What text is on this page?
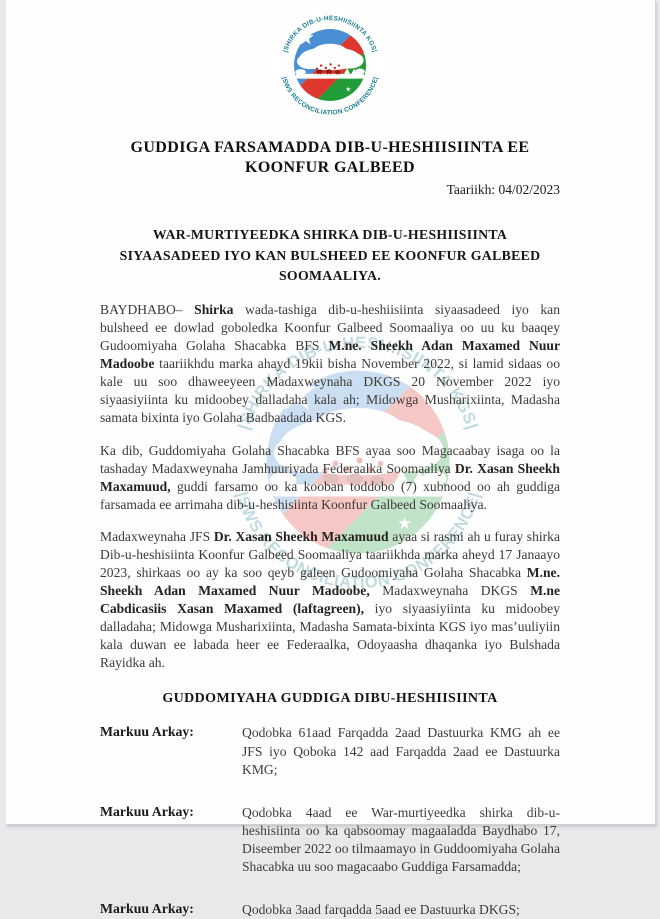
GUDDIGA FARSAMADDA DIB-U-HESHIISIINTA EE
KOONFUR GALBEED
Taariikh: 04/02/2023
WAR-MURTIYEEDKA SHIRKA DIB-U-HESHIISIINTA SIYAASADEED IYO KAN BULSHEED EE KOONFUR GALBEED SOOMAALIYA.

BAYDHABO– Shirka wada-tashiga dib-u-heshiisiinta siyaasadeed iyo kan bulsheed ee dowlad goboledka Koonfur Galbeed Soomaaliya oo uu ku baaqey Gudoomiyaha Golaha Shacabka BFS M.ne. Sheekh Adan Maxamed Nuur Madoobe taariikhdu marka ahayd 19kii bisha November 2022, si lamid sidaas oo kale uu soo dhaweeyeen Madaxweynaha DKGS 20 November 2022 iyo siyaasiyiinta ku midoobey dalladaha kala ah; Midowga Musharixiinta, Madasha samata bixinta iyo Golaha Badbaadada KGS.

Ka dib, Guddomiyaha Golaha Shacabka BFS ayaa soo Magacaabay isaga oo la tashaday Madaxweynaha Jamhuuriyada Federaalka Soomaaliya Dr. Xasan Sheekh Maxamuud, guddi farsamo oo ka kooban toddobo (7) xubnood oo ah guddiga farsamada ee arrimaha dib-u-heshisiinta Koonfur Galbeed Soomaaliya.

Madaxweynaha JFS Dr. Xasan Sheekh Maxamuud ayaa si rasmi ah u furay shirka Dib-u-heshisiinta Koonfur Galbeed Soomaaliya taariikhda marka aheyd 17 Janaayo 2023, shirkaas oo ay ka soo qeyb galeen Gudoomiyaha Golaha Shacabka M.ne. Sheekh Adan Maxamed Nuur Madoobe, Madaxweynaha DKGS M.ne Cabdicasiis Xasan Maxamed (laftagreen), iyo siyaasiyiinta ku midoobey dalladaha; Midowga Musharixiinta, Madasha Samata-bixinta KGS iyo mas’uuliyiin kala duwan ee labada heer ee Federaalka, Odoyaasha dhaqanka iyo Bulshada Rayidka ah.

GUDDOMIYAHA GUDDIGA DIBU-HESHIISIINTA
Markuu Arkay:	Qodobka 61aad Farqadda 2aad Dastuurka KMG ah ee JFS iyo Qoboka 142 aad Farqadda 2aad ee Dastuurka KMG;
Markuu Arkay:	Qodobka 4aad ee War-murtiyeedka shirka dib-u-heshisiinta oo ka qabsoomay magaaladda Baydhabo 17, Diseember 2022 oo tilmaamayo in Guddoomiyaha Golaha Shacabka uu soo magacaabo Guddiga Farsamadda;
Markuu Arkay:	Qodobka 3aad farqadda 5aad ee Dastuurka DKGS;
